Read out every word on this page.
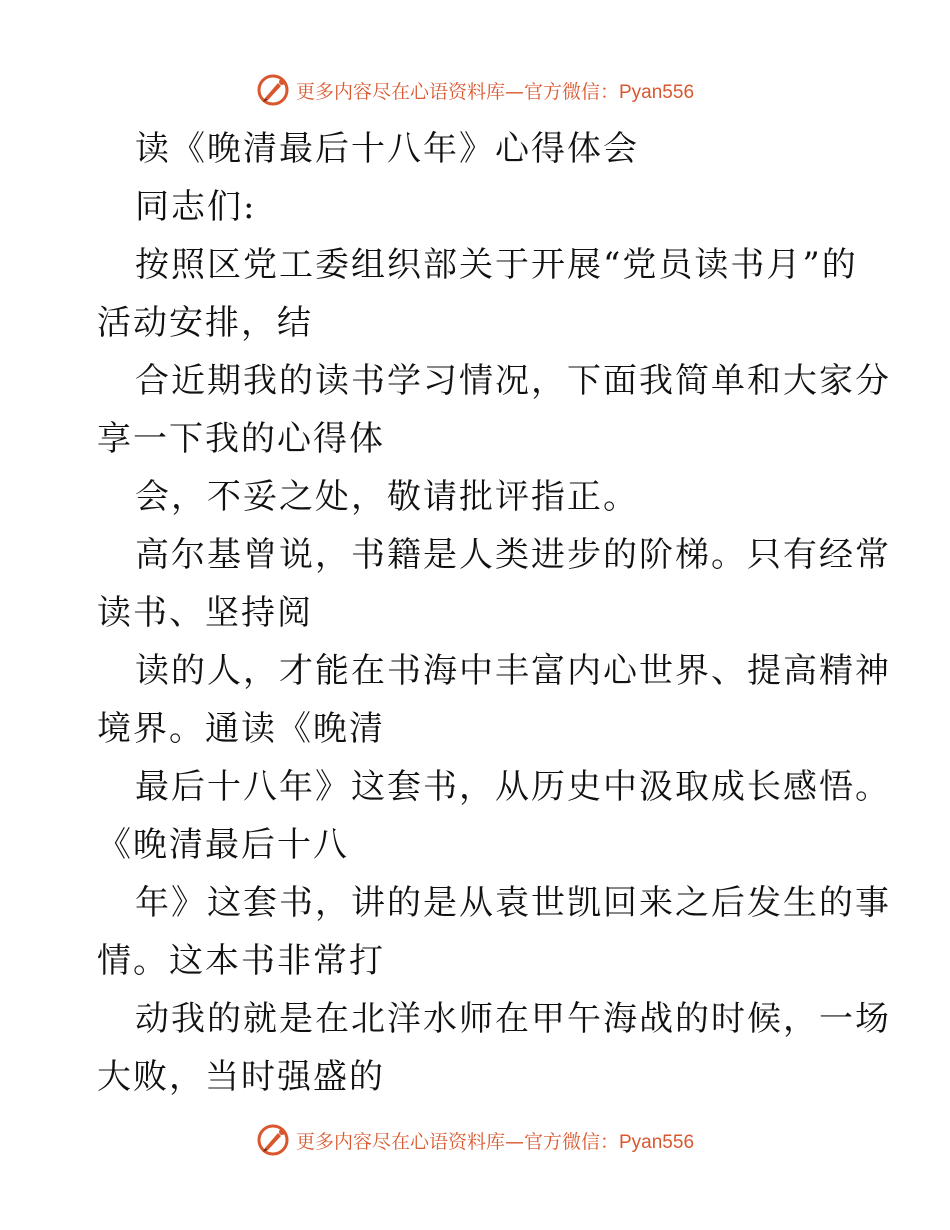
更多内容尽在心语资料库—官方微信：Pyan556
读《晚清最后十八年》心得体会
同志们:
按照区党工委组织部关于开展“党员读书月”的
活动安排，结
合近期我的读书学习情况，下面我简单和大家分
享一下我的心得体
会，不妥之处，敬请批评指正。
高尔基曾说，书籍是人类进步的阶梯。只有经常
读书、坚持阅
读的人，才能在书海中丰富内心世界、提高精神
境界。通读《晚清
最后十八年》这套书，从历史中汲取成长感悟。
《晚清最后十八
年》这套书，讲的是从袁世凯回来之后发生的事
情。这本书非常打
动我的就是在北洋水师在甲午海战的时候，一场
大败，当时强盛的
更多内容尽在心语资料库—官方微信：Pyan556
